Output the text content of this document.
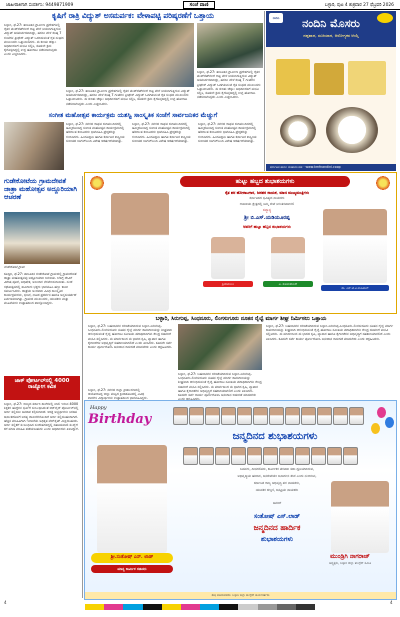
ಜಾಹೀರಾತಿಗಾಗಿ ಸಂಪರ್ಕಿಸಿ: 9449871909	ಸಂಜೆ ವಾಣಿ	ಬಳ್ಳಾರಿ, ಪುಟ 4 ಶುಕ್ರವಾರ 27 ಫೆಬ್ರವರಿ 2026
ಕೃಷಿಗೆ ರಾತ್ರಿ ವಿದ್ಯುತ್ ಅಸಮರ್ಪಕ: ವೇಳಾಪಟ್ಟಿ ಪರಿಷ್ಕರಣೆಗೆ ಒತ್ತಾಯ
ಬಳ್ಳಾರಿ, ಫೆ.27: ತಾಲೂಕಿನ ಗ್ರಾಮೀಣ ಪ್ರದೇಶಗಳಲ್ಲಿ ರೈತರ ಪಂಪ್‌ಸೆಟ್‌ಗಳಿಗೆ ರಾತ್ರಿ ವೇಳೆ ನೀಡಲಾಗುತ್ತಿರುವ ವಿದ್ಯುತ್ ಅಸಮರ್ಪಕವಾಗಿದ್ದು, ಹಗಲು ವೇಳೆ ಕನಿಷ್ಠ 7 ಗಂಟೆಗಳ ತ್ರೀಫೇಸ್ ವಿದ್ಯುತ್ ಒದಗಿಸುವಂತೆ ರೈತ ಸಂಘದ ಮುಖಂಡರು ಒತ್ತಾಯಿಸಿದರು. ಈ ಕುರಿತು ಜೆಸ್ಕಾಂ ಅಧಿಕಾರಿಗಳಿಗೆ ಮನವಿ ಸಲ್ಲಿಸಿ, ಕೂಡಲೇ ಕ್ರಮ ಕೈಗೊಳ್ಳದಿದ್ದಲ್ಲಿ ಉಗ್ರ ಹೋರಾಟ ನಡೆಸಲಾಗುವುದು ಎಂದು ಎಚ್ಚರಿಸಿದರು.
ಬಳ್ಳಾರಿ, ಫೆ.27: ತಾಲೂಕಿನ ಗ್ರಾಮೀಣ ಪ್ರದೇಶಗಳಲ್ಲಿ ರೈತರ ಪಂಪ್‌ಸೆಟ್‌ಗಳಿಗೆ ರಾತ್ರಿ ವೇಳೆ ನೀಡಲಾಗುತ್ತಿರುವ ವಿದ್ಯುತ್ ಅಸಮರ್ಪಕವಾಗಿದ್ದು, ಹಗಲು ವೇಳೆ ಕನಿಷ್ಠ 7 ಗಂಟೆಗಳ ತ್ರೀಫೇಸ್ ವಿದ್ಯುತ್ ಒದಗಿಸುವಂತೆ ರೈತ ಸಂಘದ ಮುಖಂಡರು ಒತ್ತಾಯಿಸಿದರು. ಈ ಕುರಿತು ಜೆಸ್ಕಾಂ ಅಧಿಕಾರಿಗಳಿಗೆ ಮನವಿ ಸಲ್ಲಿಸಿ, ಕೂಡಲೇ ಕ್ರಮ ಕೈಗೊಳ್ಳದಿದ್ದಲ್ಲಿ ಉಗ್ರ ಹೋರಾಟ ನಡೆಸಲಾಗುವುದು ಎಂದು ಎಚ್ಚರಿಸಿದರು.
ಬಳ್ಳಾರಿ, ಫೆ.27: ತಾಲೂಕಿನ ಗ್ರಾಮೀಣ ಪ್ರದೇಶಗಳಲ್ಲಿ ರೈತರ ಪಂಪ್‌ಸೆಟ್‌ಗಳಿಗೆ ರಾತ್ರಿ ವೇಳೆ ನೀಡಲಾಗುತ್ತಿರುವ ವಿದ್ಯುತ್ ಅಸಮರ್ಪಕವಾಗಿದ್ದು, ಹಗಲು ವೇಳೆ ಕನಿಷ್ಠ 7 ಗಂಟೆಗಳ ತ್ರೀಫೇಸ್ ವಿದ್ಯುತ್ ಒದಗಿಸುವಂತೆ ರೈತ ಸಂಘದ ಮುಖಂಡರು ಒತ್ತಾಯಿಸಿದರು. ಈ ಕುರಿತು ಜೆಸ್ಕಾಂ ಅಧಿಕಾರಿಗಳಿಗೆ ಮನವಿ ಸಲ್ಲಿಸಿ, ಕೂಡಲೇ ಕ್ರಮ ಕೈಗೊಳ್ಳದಿದ್ದಲ್ಲಿ ಉಗ್ರ ಹೋರಾಟ ನಡೆಸಲಾಗುವುದು ಎಂದು ಎಚ್ಚರಿಸಿದರು.
ಸಂಗೀತ ಮಹೋತ್ಸವ ಕಾರ್ಯಕ್ರಮ ಯಶಸ್ವಿ ಸಾಂಸ್ಕೃತಿಕ ಸಂಜೆಗೆ ಸಾರ್ವಜನಿಕರ ಮೆಚ್ಚುಗೆ
ಬಳ್ಳಾರಿ, ಫೆ.27: ನಗರದ ರಾಘವ ಕಲಾಮಂದಿರದಲ್ಲಿ ಹಮ್ಮಿಕೊಂಡಿದ್ದ ಸಂಗೀತ ಮಹೋತ್ಸವ ಕಾರ್ಯಕ್ರಮದಲ್ಲಿ ಹೆಸರಾಂತ ಕಲಾವಿದರು ಭಾಗವಹಿಸಿ ಪ್ರೇಕ್ಷಕರನ್ನು ರಂಜಿಸಿದರು. ಹಿಂದೂಸ್ತಾನಿ ಹಾಗೂ ಕರ್ನಾಟಕ ಶಾಸ್ತ್ರೀಯ ಸಂಗೀತದ ಜುಗಲ್‌ಬಂದಿ ವಿಶೇಷ ಆಕರ್ಷಣೆಯಾಗಿತ್ತು.
ಬಳ್ಳಾರಿ, ಫೆ.27: ನಗರದ ರಾಘವ ಕಲಾಮಂದಿರದಲ್ಲಿ ಹಮ್ಮಿಕೊಂಡಿದ್ದ ಸಂಗೀತ ಮಹೋತ್ಸವ ಕಾರ್ಯಕ್ರಮದಲ್ಲಿ ಹೆಸರಾಂತ ಕಲಾವಿದರು ಭಾಗವಹಿಸಿ ಪ್ರೇಕ್ಷಕರನ್ನು ರಂಜಿಸಿದರು. ಹಿಂದೂಸ್ತಾನಿ ಹಾಗೂ ಕರ್ನಾಟಕ ಶಾಸ್ತ್ರೀಯ ಸಂಗೀತದ ಜುಗಲ್‌ಬಂದಿ ವಿಶೇಷ ಆಕರ್ಷಣೆಯಾಗಿತ್ತು.
ಬಳ್ಳಾರಿ, ಫೆ.27: ನಗರದ ರಾಘವ ಕಲಾಮಂದಿರದಲ್ಲಿ ಹಮ್ಮಿಕೊಂಡಿದ್ದ ಸಂಗೀತ ಮಹೋತ್ಸವ ಕಾರ್ಯಕ್ರಮದಲ್ಲಿ ಹೆಸರಾಂತ ಕಲಾವಿದರು ಭಾಗವಹಿಸಿ ಪ್ರೇಕ್ಷಕರನ್ನು ರಂಜಿಸಿದರು. ಹಿಂದೂಸ್ತಾನಿ ಹಾಗೂ ಕರ್ನಾಟಕ ಶಾಸ್ತ್ರೀಯ ಸಂಗೀತದ ಜುಗಲ್‌ಬಂದಿ ವಿಶೇಷ ಆಕರ್ಷಣೆಯಾಗಿತ್ತು.
ನಂದಿನಿ	ನಂದಿನಿ ಮೊಸರು
ದಪ್ಪವಾದ, ರುಚಿಯಾದ, ಆರೋಗ್ಯಕರ ಆಯ್ಕೆ
ಕರ್ನಾಟಕ ಹಾಲು ಮಹಾಮಂಡಳಿ · www.kmfnandini.coop
ಗುಡೇಕೋಟೆಯ ಗ್ರಾಮದೇವತೆ ಜಾತ್ರಾ ಮಹೋತ್ಸವ ಅದ್ದೂರಿಯಾಗಿ ಆಚರಣೆ
ಗುಡೇಕೋಟೆ ಗ್ರಾಮ
ಕೂಡ್ಲಿಗಿ, ಫೆ.27: ತಾಲೂಕಿನ ಗುಡೇಕೋಟೆ ಗ್ರಾಮದಲ್ಲಿ ಗ್ರಾಮದೇವತೆ ಜಾತ್ರಾ ಮಹೋತ್ಸವವು ಅದ್ದೂರಿಯಾಗಿ ಜರುಗಿತು. ಬೆಳಿಗ್ಗೆ ದೇವಿಗೆ ವಿಶೇಷ ಪೂಜೆ, ಅಭಿಷೇಕ, ಅಲಂಕಾರ ನೆರವೇರಿಸಲಾಯಿತು. ಸಂಜೆ ರಥೋತ್ಸವದಲ್ಲಿ ಸಾವಿರಾರು ಭಕ್ತರು ಭಾಗವಹಿಸಿ ಹಣ್ಣು ಕಾಯಿ ಸಮರ್ಪಿಸಿದರು. ಜಾತ್ರೆಯ ಅಂಗವಾಗಿ ವಿವಿಧ ಸಾಂಸ್ಕೃತಿಕ ಕಾರ್ಯಕ್ರಮಗಳು, ಭಜನೆ, ನಾಟಕ ಪ್ರದರ್ಶನ ಹಾಗೂ ಅನ್ನಸಂತರ್ಪಣೆ ಏರ್ಪಡಿಸಲಾಗಿತ್ತು. ಗ್ರಾಮದ ಮುಖಂಡರು, ಯುವಕರು ಮತ್ತು ಮಹಿಳೆಯರು ಉತ್ಸಾಹದಿಂದ ಪಾಲ್ಗೊಂಡಿದ್ದರು.
ಹುಟ್ಟು ಹಬ್ಬದ ಶುಭಾಶಯಗಳು
ರೈತ ಪರ ಹೋರಾಟಗಾರ, ಜನಪರ ನಾಯಕ, ಮಾಜಿ ಮುಖ್ಯಮಂತ್ರಿಗಳು
ಕರ್ನಾಟಕದ ಭವಿಷ್ಯದ ನಾಯಕರು
ರಾಜಕೀಯ ಕ್ಷೇತ್ರದಲ್ಲಿ ನಿಮ್ಮ ಸೇವೆ ನಿರಂತರವಾಗಿರಲಿ
ಸನ್ಮಾನ್ಯ
ಶ್ರೀ ಬಿ.ಎಸ್.ಯಡಿಯೂರಪ್ಪ
ಅವರಿಗೆ ಹುಟ್ಟು ಹಬ್ಬದ ಶುಭಾಶಯಗಳು
ಶ್ರೀರಾಮುಲು	ವಿ. ಸೋಮಶೇಖರ್
ಡಾ. ಎಸ್.ಜೆ.ವಿ.ಮಹಿಪಾಲ್
ಬಳ್ಳಾರಿ, ಸಿರುಗುಪ್ಪ, ಸಿಂಧನೂರು, ಲಿಂಗಸುಗೂರು ನೂತನ ರೈಲ್ವೆ ಮಾರ್ಗ ಶೀಘ್ರ ನಿರ್ಮಿಸಲು ಒತ್ತಾಯ
ಬಳ್ಳಾರಿ, ಫೆ.27: ಬಹುದಿನಗಳ ಬೇಡಿಕೆಯಾಗಿರುವ ಬಳ್ಳಾರಿ-ಸಿರುಗುಪ್ಪ-ಸಿಂಧನೂರು-ಲಿಂಗಸುಗೂರು ನೂತನ ರೈಲ್ವೆ ಮಾರ್ಗ ಕಾಮಗಾರಿಯನ್ನು ಶೀಘ್ರವಾಗಿ ಆರಂಭಿಸುವಂತೆ ರೈಲ್ವೆ ಹೋರಾಟ ಸಮಿತಿಯ ಪದಾಧಿಕಾರಿಗಳು ಕೇಂದ್ರ ಸಚಿವರಿಗೆ ಮನವಿ ಸಲ್ಲಿಸಿದರು. ಈ ಮಾರ್ಗದಿಂದ ಈ ಭಾಗದ ಕೃಷಿ, ವ್ಯಾಪಾರ ಹಾಗೂ ಕೈಗಾರಿಕೆಗಳ ಅಭಿವೃದ್ಧಿಗೆ ಸಹಕಾರಿಯಾಗಲಿದೆ ಎಂದು ತಿಳಿಸಿದರು. ಕೂಡಲೇ ಸರ್ವೆ ಕಾರ್ಯ ಪೂರ್ಣಗೊಳಿಸಿ ಅನುದಾನ ಬಿಡುಗಡೆ ಮಾಡಬೇಕು ಎಂದು ಆಗ್ರಹಿಸಿದರು.
ಬಳ್ಳಾರಿ, ಫೆ.27: ಬಹುದಿನಗಳ ಬೇಡಿಕೆಯಾಗಿರುವ ಬಳ್ಳಾರಿ-ಸಿರುಗುಪ್ಪ-ಸಿಂಧನೂರು-ಲಿಂಗಸುಗೂರು ನೂತನ ರೈಲ್ವೆ ಮಾರ್ಗ ಕಾಮಗಾರಿಯನ್ನು ಶೀಘ್ರವಾಗಿ ಆರಂಭಿಸುವಂತೆ ರೈಲ್ವೆ ಹೋರಾಟ ಸಮಿತಿಯ ಪದಾಧಿಕಾರಿಗಳು ಕೇಂದ್ರ ಸಚಿವರಿಗೆ ಮನವಿ ಸಲ್ಲಿಸಿದರು. ಈ ಮಾರ್ಗದಿಂದ ಈ ಭಾಗದ ಕೃಷಿ, ವ್ಯಾಪಾರ ಹಾಗೂ ಕೈಗಾರಿಕೆಗಳ ಅಭಿವೃದ್ಧಿಗೆ ಸಹಕಾರಿಯಾಗಲಿದೆ ಎಂದು ತಿಳಿಸಿದರು. ಕೂಡಲೇ ಸರ್ವೆ ಕಾರ್ಯ ಪೂರ್ಣಗೊಳಿಸಿ ಅನುದಾನ ಬಿಡುಗಡೆ ಮಾಡಬೇಕು
ಬಳ್ಳಾರಿ, ಫೆ.27: ಬಹುದಿನಗಳ ಬೇಡಿಕೆಯಾಗಿರುವ ಬಳ್ಳಾರಿ-ಸಿರುಗುಪ್ಪ-ಸಿಂಧನೂರು-ಲಿಂಗಸುಗೂರು ನೂತನ ರೈಲ್ವೆ ಮಾರ್ಗ ಕಾಮಗಾರಿಯನ್ನು ಶೀಘ್ರವಾಗಿ ಆರಂಭಿಸುವಂತೆ ರೈಲ್ವೆ ಹೋರಾಟ ಸಮಿತಿಯ ಪದಾಧಿಕಾರಿಗಳು ಕೇಂದ್ರ ಸಚಿವರಿಗೆ ಮನವಿ ಸಲ್ಲಿಸಿದರು. ಈ ಮಾರ್ಗದಿಂದ ಈ ಭಾಗದ ಕೃಷಿ, ವ್ಯಾಪಾರ ಹಾಗೂ ಕೈಗಾರಿಕೆಗಳ ಅಭಿವೃದ್ಧಿಗೆ ಸಹಕಾರಿಯಾಗಲಿದೆ ಎಂದು ತಿಳಿಸಿದರು. ಕೂಡಲೇ ಸರ್ವೆ ಕಾರ್ಯ ಪೂರ್ಣಗೊಳಿಸಿ ಅನುದಾನ ಬಿಡುಗಡೆ ಮಾಡಬೇಕು ಎಂದು ಆಗ್ರಹಿಸಿದರು.
ಜಾಕ್ ಪೋರ್ಟಲ್‌ನಲ್ಲಿ 4000 ರಾಜ್ಯೋಗ ಕವಿತ
ಬಳ್ಳಾರಿ, ಫೆ.27: ರಾಜ್ಯದ ಸರ್ಕಾರಿ ಶಾಲೆಗಳಲ್ಲಿ ಖಾಲಿ ಇರುವ 4000 ಶಿಕ್ಷಕರ ಹುದ್ದೆಗಳ ಭರ್ತಿಗೆ ಸಂಬಂಧಿಸಿದಂತೆ ಆನ್‌ಲೈನ್ ಪೋರ್ಟಲ್‌ನಲ್ಲಿ ಅರ್ಜಿ ಸಲ್ಲಿಸಲು ಅವಕಾಶ ಕಲ್ಪಿಸಲಾಗಿದೆ. ಆಸಕ್ತ ಅಭ್ಯರ್ಥಿಗಳು ನಿಗದಿತ ದಿನಾಂಕದೊಳಗೆ ಅಗತ್ಯ ದಾಖಲೆಗಳೊಂದಿಗೆ ಅರ್ಜಿ ಸಲ್ಲಿಸಬಹುದಾಗಿದೆ. ಹೆಚ್ಚಿನ ಮಾಹಿತಿಗಾಗಿ ಇಲಾಖೆಯ ಅಧಿಕೃತ ವೆಬ್‌ಸೈಟ್ ವೀಕ್ಷಿಸಬಹುದು. ಅರ್ಜಿ ಸಲ್ಲಿಕೆಗೆ ಸಂಬಂಧಿಸಿದ ಸಂದೇಹಗಳಿದ್ದಲ್ಲಿ ಸಹಾಯವಾಣಿ ಸಂಖ್ಯೆಗೆ ಕರೆ ಮಾಡಿ ಮಾಹಿತಿ ಪಡೆಯಬಹುದು ಎಂದು ಅಧಿಕಾರಿಗಳು ತಿಳಿಸಿದ್ದಾರೆ.
ಬಳ್ಳಾರಿ, ಫೆ.27: ನಗರದ ಜಿಲ್ಲಾ ಕ್ರೀಡಾಂಗಣದಲ್ಲಿ ಆಯೋಜಿಸಿದ್ದ ಜಿಲ್ಲಾ ಮಟ್ಟದ ಕ್ರೀಡಾಕೂಟದಲ್ಲಿ ವಿವಿಧ ಶಾಲೆಗಳ ವಿದ್ಯಾರ್ಥಿಗಳು ಉತ್ಸಾಹದಿಂದ ಭಾಗವಹಿಸಿದ್ದರು.
Happy
Birthday
ಜನ್ಮದಿನದ ಶುಭಾಶಯಗಳು
ಬಡವರು, ದೀನದಲಿತರು, ಕಾರ್ಮಿಕರ ಪರವಾಗಿ ಸದಾ ಧ್ವನಿಯಾಗಿರುವ,
ಅಭಿವೃದ್ಧಿಯ ಹರಿಕಾರ, ಜನಸೇವೆಯೇ ಜನಾರ್ದನ ಸೇವೆ ಎಂದು ನಂಬಿರುವ,
ಕರ್ನಾಟಕ ರಾಜ್ಯ ಅಭಿವೃದ್ಧಿ ಪರ ನಾಯಕರು,
ಯುವಕರ ಕಣ್ಮಣಿ, ಜನಪ್ರಿಯ ನಾಯಕರು
ಸಂತೋಷ್ ಎಸ್.ಲಾಡ್
ಅವರಿಗೆ
ಜನ್ಮದಿನದ ಹಾರ್ದಿಕ
ಶುಭಾಶಯಗಳು
ಶ್ರೀ.ಸಂತೋಷ್ ಎಸ್. ಲಾಡ್
ಮಾನ್ಯ ಕಾರ್ಮಿಕ ಸಚಿವರು
ಮುಂಡ್ರಿಗಿ ನಾಗರಾಜ್
ಅಧ್ಯಕ್ಷರು, ಬಳ್ಳಾರಿ ಜಿಲ್ಲಾ ಕಾಂಗ್ರೆಸ್ ಸಮಿತಿ
ಶುಭ ಕೋರುವವರು: ಬಳ್ಳಾರಿ ಜಿಲ್ಲಾ ಕಾಂಗ್ರೆಸ್ ಕಾರ್ಯಕರ್ತರು
4	4
